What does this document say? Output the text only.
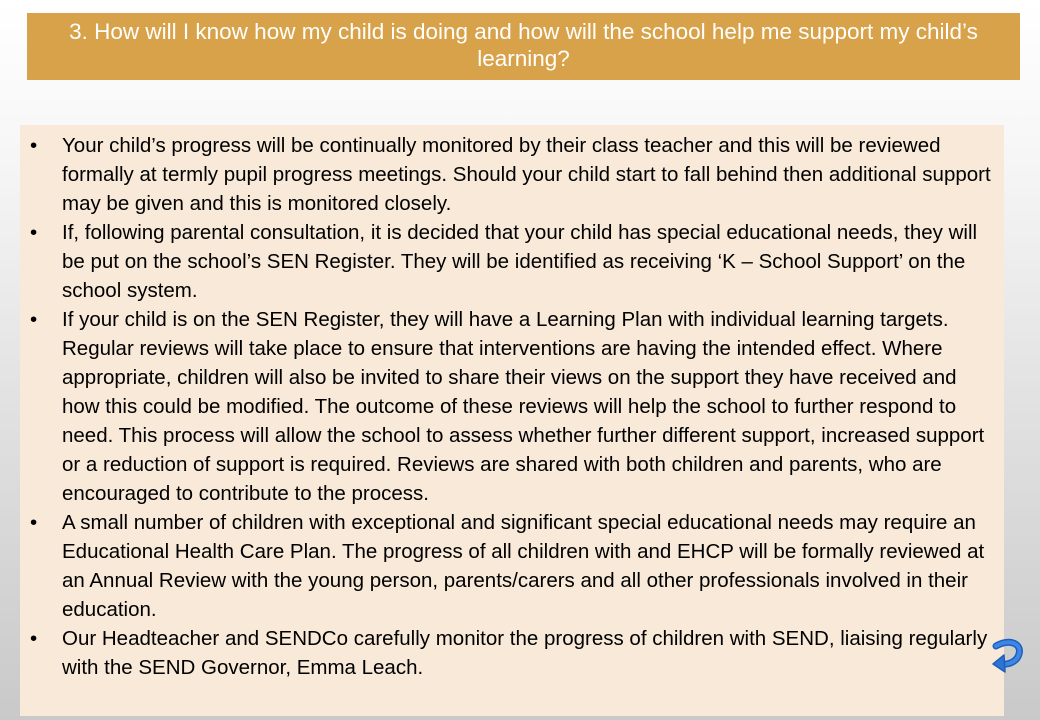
3. How will I know how my child is doing and how will the school help me support my child’s learning?
•	Your child’s progress will be continually monitored by their class teacher and this will be reviewed formally at termly pupil progress meetings. Should your child start to fall behind then additional support may be given and this is monitored closely.
•	If, following parental consultation, it is decided that your child has special educational needs, they will be put on the school’s SEN Register. They will be identified as receiving ‘K – School Support’ on the school system.
•	If your child is on the SEN Register, they will have a Learning Plan with individual learning targets. Regular reviews will take place to ensure that interventions are having the intended effect. Where appropriate, children will also be invited to share their views on the support they have received and how this could be modified. The outcome of these reviews will help the school to further respond to need. This process will allow the school to assess whether further different support, increased support or a reduction of support is required. Reviews are shared with both children and parents, who are encouraged to contribute to the process.
•	A small number of children with exceptional and significant special educational needs may require an Educational Health Care Plan. The progress of all children with and EHCP will be formally reviewed at an Annual Review with the young person, parents/carers and all other professionals involved in their education.
•	Our Headteacher and SENDCo carefully monitor the progress of children with SEND, liaising regularly with the SEND Governor, Emma Leach.
